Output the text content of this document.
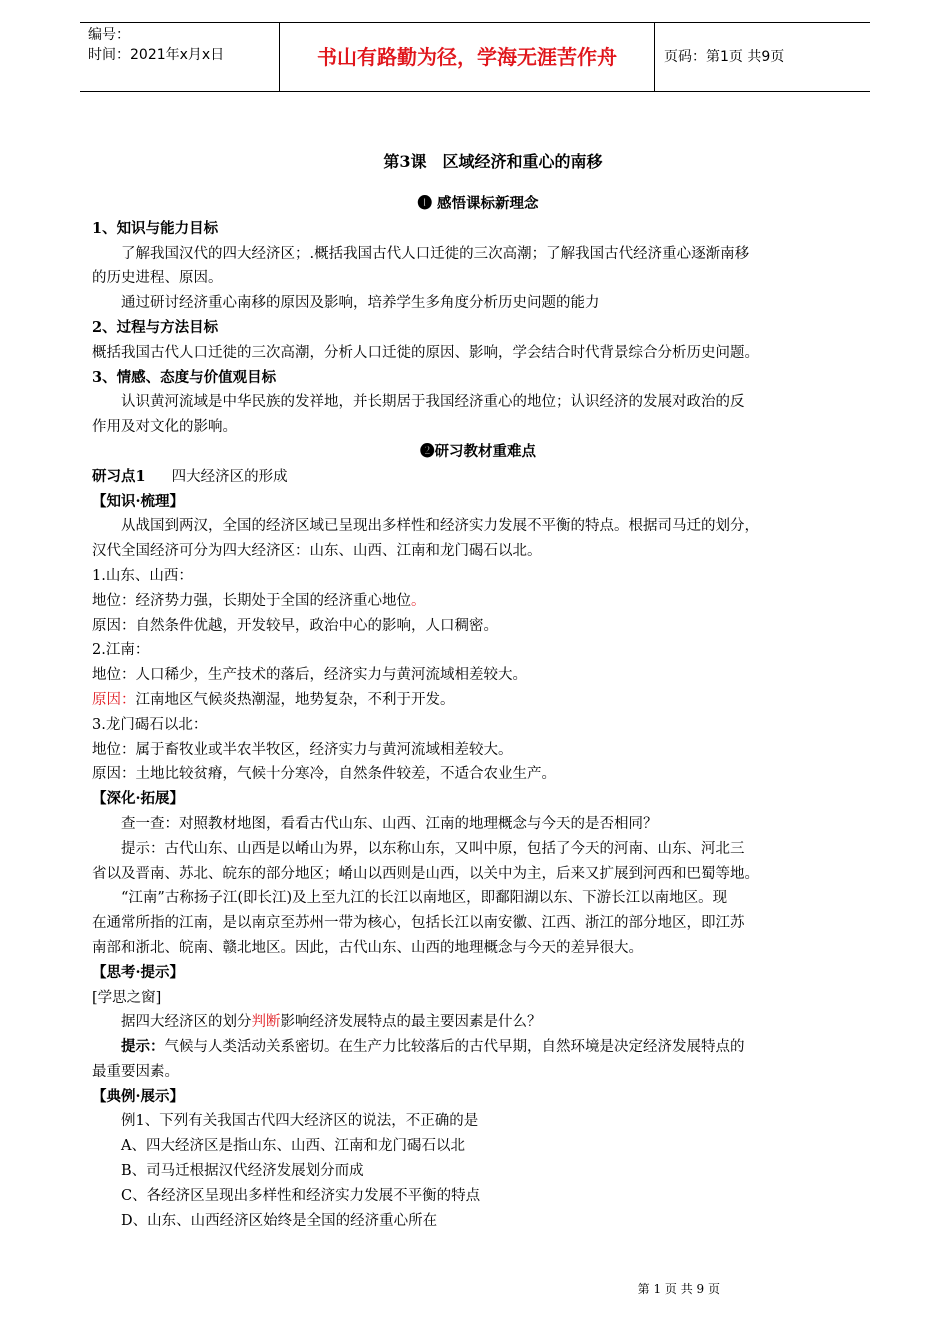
编号：
时间：2021年x月x日	书山有路勤为径，学海无涯苦作舟	页码：第1页 共9页
第3课　区域经济和重心的南移
❶ 感悟课标新理念
1、知识与能力目标
了解我国汉代的四大经济区；.概括我国古代人口迁徙的三次高潮；了解我国古代经济重心逐渐南移
的历史进程、原因。
通过研讨经济重心南移的原因及影响，培养学生多角度分析历史问题的能力
2、过程与方法目标
概括我国古代人口迁徙的三次高潮，分析人口迁徙的原因、影响，学会结合时代背景综合分析历史问题。
3、情感、态度与价值观目标
认识黄河流域是中华民族的发祥地，并长期居于我国经济重心的地位；认识经济的发展对政治的反
作用及对文化的影响。
❷研习教材重难点
研习点1 四大经济区的形成
【知识·梳理】
从战国到两汉，全国的经济区域已呈现出多样性和经济实力发展不平衡的特点。根据司马迁的划分，
汉代全国经济可分为四大经济区：山东、山西、江南和龙门碣石以北。
1.山东、山西：
地位：经济势力强，长期处于全国的经济重心地位。
原因：自然条件优越，开发较早，政治中心的影响，人口稠密。
2.江南：
地位：人口稀少，生产技术的落后，经济实力与黄河流域相差较大。
原因：江南地区气候炎热潮湿，地势复杂，不利于开发。
3.龙门碣石以北：
地位：属于畜牧业或半农半牧区，经济实力与黄河流域相差较大。
原因：土地比较贫瘠，气候十分寒冷，自然条件较差，不适合农业生产。
【深化·拓展】
查一查：对照教材地图，看看古代山东、山西、江南的地理概念与今天的是否相同？
提示：古代山东、山西是以崤山为界，以东称山东，又叫中原，包括了今天的河南、山东、河北三
省以及晋南、苏北、皖东的部分地区；崤山以西则是山西，以关中为主，后来又扩展到河西和巴蜀等地。
“江南”古称扬子江(即长江)及上至九江的长江以南地区，即鄱阳湖以东、下游长江以南地区。现
在通常所指的江南，是以南京至苏州一带为核心，包括长江以南安徽、江西、浙江的部分地区，即江苏
南部和浙北、皖南、赣北地区。因此，古代山东、山西的地理概念与今天的差异很大。
【思考·提示】
[学思之窗]
据四大经济区的划分判断影响经济发展特点的最主要因素是什么？
提示：气候与人类活动关系密切。在生产力比较落后的古代早期，自然环境是决定经济发展特点的
最重要因素。
【典例·展示】
例1、下列有关我国古代四大经济区的说法，不正确的是
A、四大经济区是指山东、山西、江南和龙门碣石以北
B、司马迁根据汉代经济发展划分而成
C、各经济区呈现出多样性和经济实力发展不平衡的特点
D、山东、山西经济区始终是全国的经济重心所在
第 1 页 共 9 页
